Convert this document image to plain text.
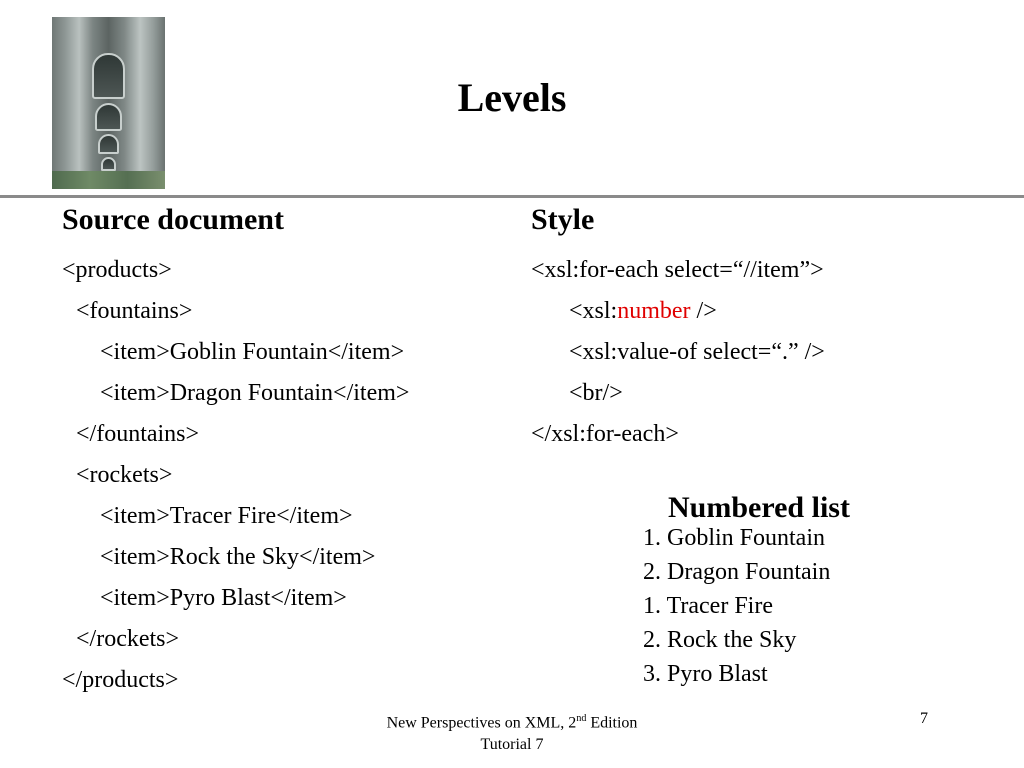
Levels
Source document	Style
<products>
<fountains>
<item>Goblin Fountain</item>
<item>Dragon Fountain</item>
</fountains>
<rockets>
<item>Tracer Fire</item>
<item>Rock the Sky</item>
<item>Pyro Blast</item>
</rockets>
</products>
<xsl:for-each select=“//item”>
<xsl:number />
<xsl:value-of select=“.” />
<br/>
</xsl:for-each>
Numbered list
1. Goblin Fountain
2. Dragon Fountain
1. Tracer Fire
2. Rock the Sky
3. Pyro Blast
New Perspectives on XML, 2nd Edition
Tutorial 7
7
